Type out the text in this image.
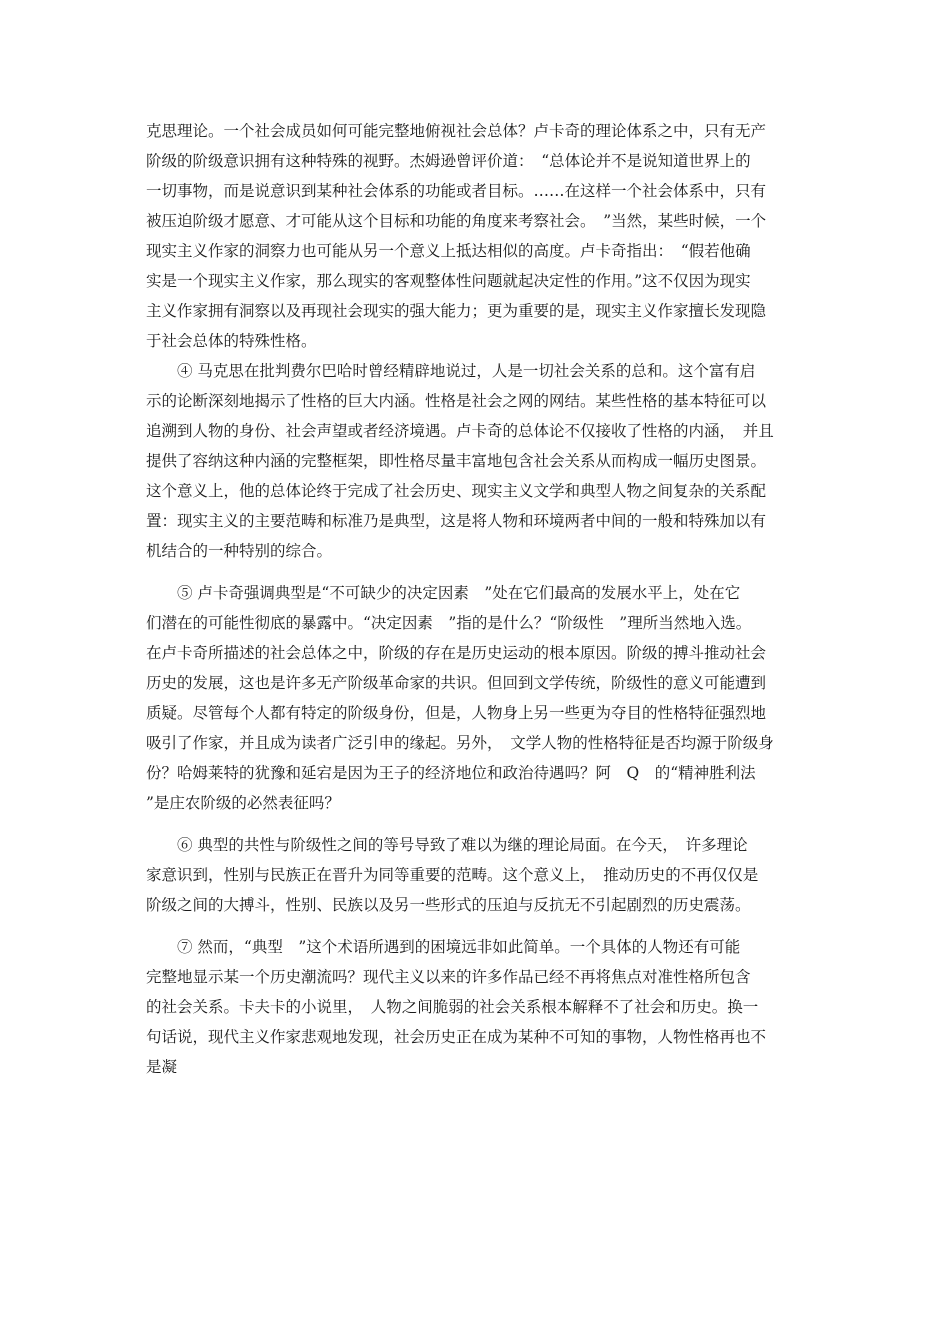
克思理论。一个社会成员如何可能完整地俯视社会总体？卢卡奇的理论体系之中，只有无产
阶级的阶级意识拥有这种特殊的视野。杰姆逊曾评价道：　“总体论并不是说知道世界上的
一切事物，而是说意识到某种社会体系的功能或者目标。……在这样一个社会体系中，只有
被压迫阶级才愿意、才可能从这个目标和功能的角度来考察社会。　”当然，某些时候，一个
现实主义作家的洞察力也可能从另一个意义上抵达相似的高度。卢卡奇指出：　“假若他确
实是一个现实主义作家，那么现实的客观整体性问题就起决定性的作用。”这不仅因为现实
主义作家拥有洞察以及再现社会现实的强大能力；更为重要的是，现实主义作家擅长发现隐
于社会总体的特殊性格。
　　④ 马克思在批判费尔巴哈时曾经精辟地说过，人是一切社会关系的总和。这个富有启
示的论断深刻地揭示了性格的巨大内涵。性格是社会之网的网结。某些性格的基本特征可以
追溯到人物的身份、社会声望或者经济境遇。卢卡奇的总体论不仅接收了性格的内涵，　并且
提供了容纳这种内涵的完整框架，即性格尽量丰富地包含社会关系从而构成一幅历史图景。
这个意义上，他的总体论终于完成了社会历史、现实主义文学和典型人物之间复杂的关系配
置：现实主义的主要范畴和标准乃是典型，这是将人物和环境两者中间的一般和特殊加以有
机结合的一种特别的综合。
　　⑤ 卢卡奇强调典型是“不可缺少的决定因素　”处在它们最高的发展水平上，处在它
们潜在的可能性彻底的暴露中。“决定因素　”指的是什么？“阶级性　”理所当然地入选。
在卢卡奇所描述的社会总体之中，阶级的存在是历史运动的根本原因。阶级的搏斗推动社会
历史的发展，这也是许多无产阶级革命家的共识。但回到文学传统，阶级性的意义可能遭到
质疑。尽管每个人都有特定的阶级身份，但是，人物身上另一些更为夺目的性格特征强烈地
吸引了作家，并且成为读者广泛引申的缘起。另外，　文学人物的性格特征是否均源于阶级身
份？哈姆莱特的犹豫和延宕是因为王子的经济地位和政治待遇吗？阿　Q　的“精神胜利法
”是庄农阶级的必然表征吗？
　　⑥ 典型的共性与阶级性之间的等号导致了难以为继的理论局面。在今天，　许多理论
家意识到，性别与民族正在晋升为同等重要的范畴。这个意义上，　推动历史的不再仅仅是
阶级之间的大搏斗，性别、民族以及另一些形式的压迫与反抗无不引起剧烈的历史震荡。
　　⑦ 然而，“典型　”这个术语所遇到的困境远非如此简单。一个具体的人物还有可能
完整地显示某一个历史潮流吗？现代主义以来的许多作品已经不再将焦点对准性格所包含
的社会关系。卡夫卡的小说里，　人物之间脆弱的社会关系根本解释不了社会和历史。换一
句话说，现代主义作家悲观地发现，社会历史正在成为某种不可知的事物，人物性格再也不
是凝
